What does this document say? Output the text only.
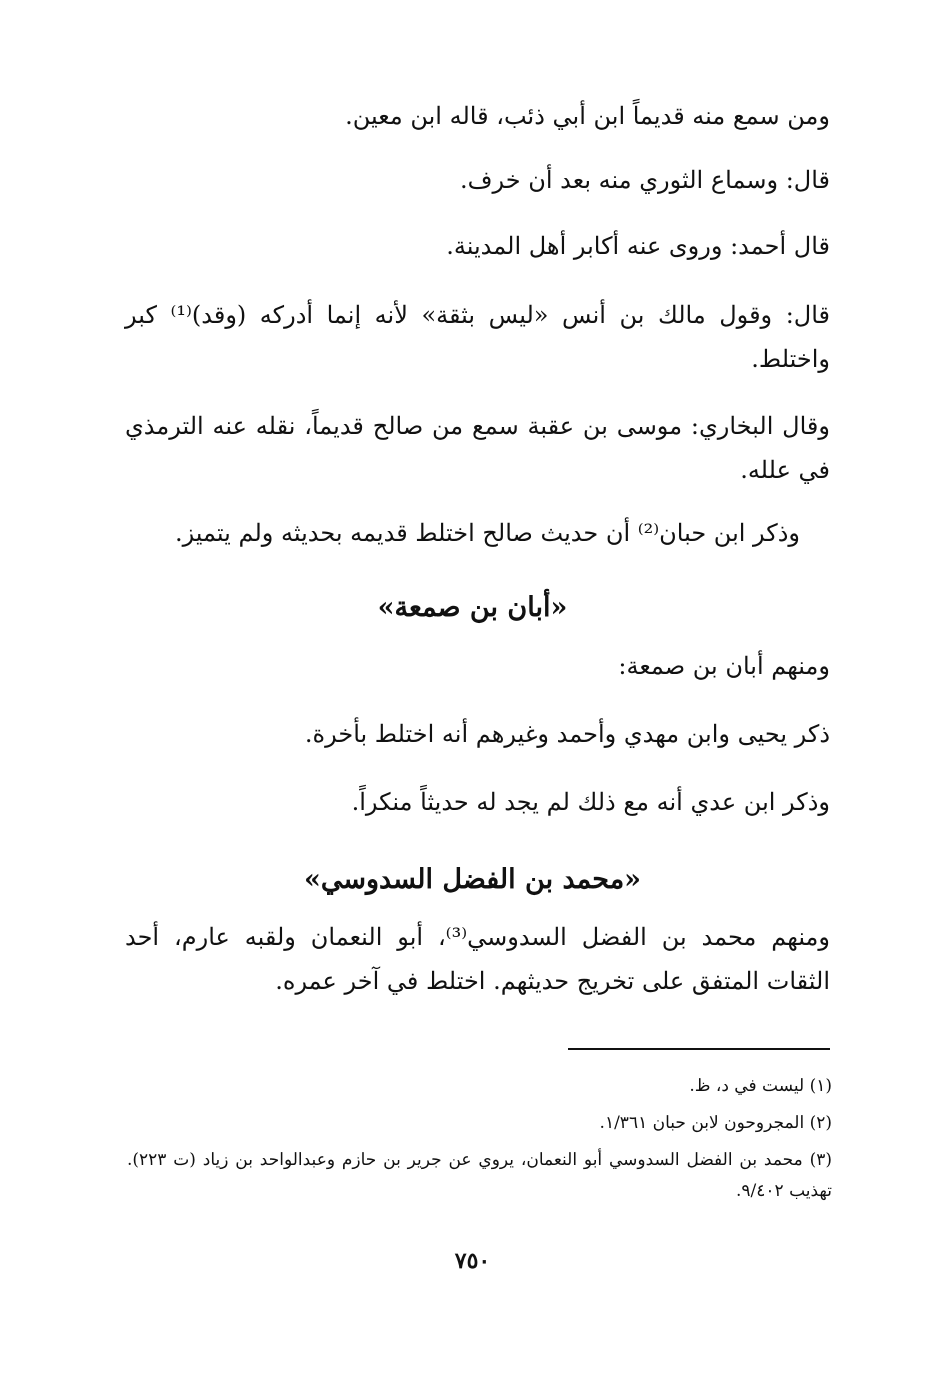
ومن سمع منه قديماً ابن أبي ذئب، قاله ابن معين.
قال: وسماع الثوري منه بعد أن خرف.
قال أحمد: وروى عنه أكابر أهل المدينة.
قال: وقول مالك بن أنس «ليس بثقة» لأنه إنما أدركه (وقد)⁽¹⁾ كبر واختلط.
وقال البخاري: موسى بن عقبة سمع من صالح قديماً، نقله عنه الترمذي في علله.
وذكر ابن حبان⁽²⁾ أن حديث صالح اختلط قديمه بحديثه ولم يتميز.
«أبان بن صمعة»
ومنهم أبان بن صمعة:
ذكر يحيى وابن مهدي وأحمد وغيرهم أنه اختلط بأخرة.
وذكر ابن عدي أنه مع ذلك لم يجد له حديثاً منكراً.
«محمد بن الفضل السدوسي»
ومنهم محمد بن الفضل السدوسي⁽³⁾، أبو النعمان ولقبه عارم، أحد الثقات المتفق على تخريج حديثهم. اختلط في آخر عمره.
(١) ليست في د، ظ.
(٢) المجروحون لابن حبان ١/٣٦١.
(٣) محمد بن الفضل السدوسي أبو النعمان، يروي عن جرير بن حازم وعبدالواحد بن زياد (ت ٢٢٣). تهذيب ٩/٤٠٢.
٧٥٠
